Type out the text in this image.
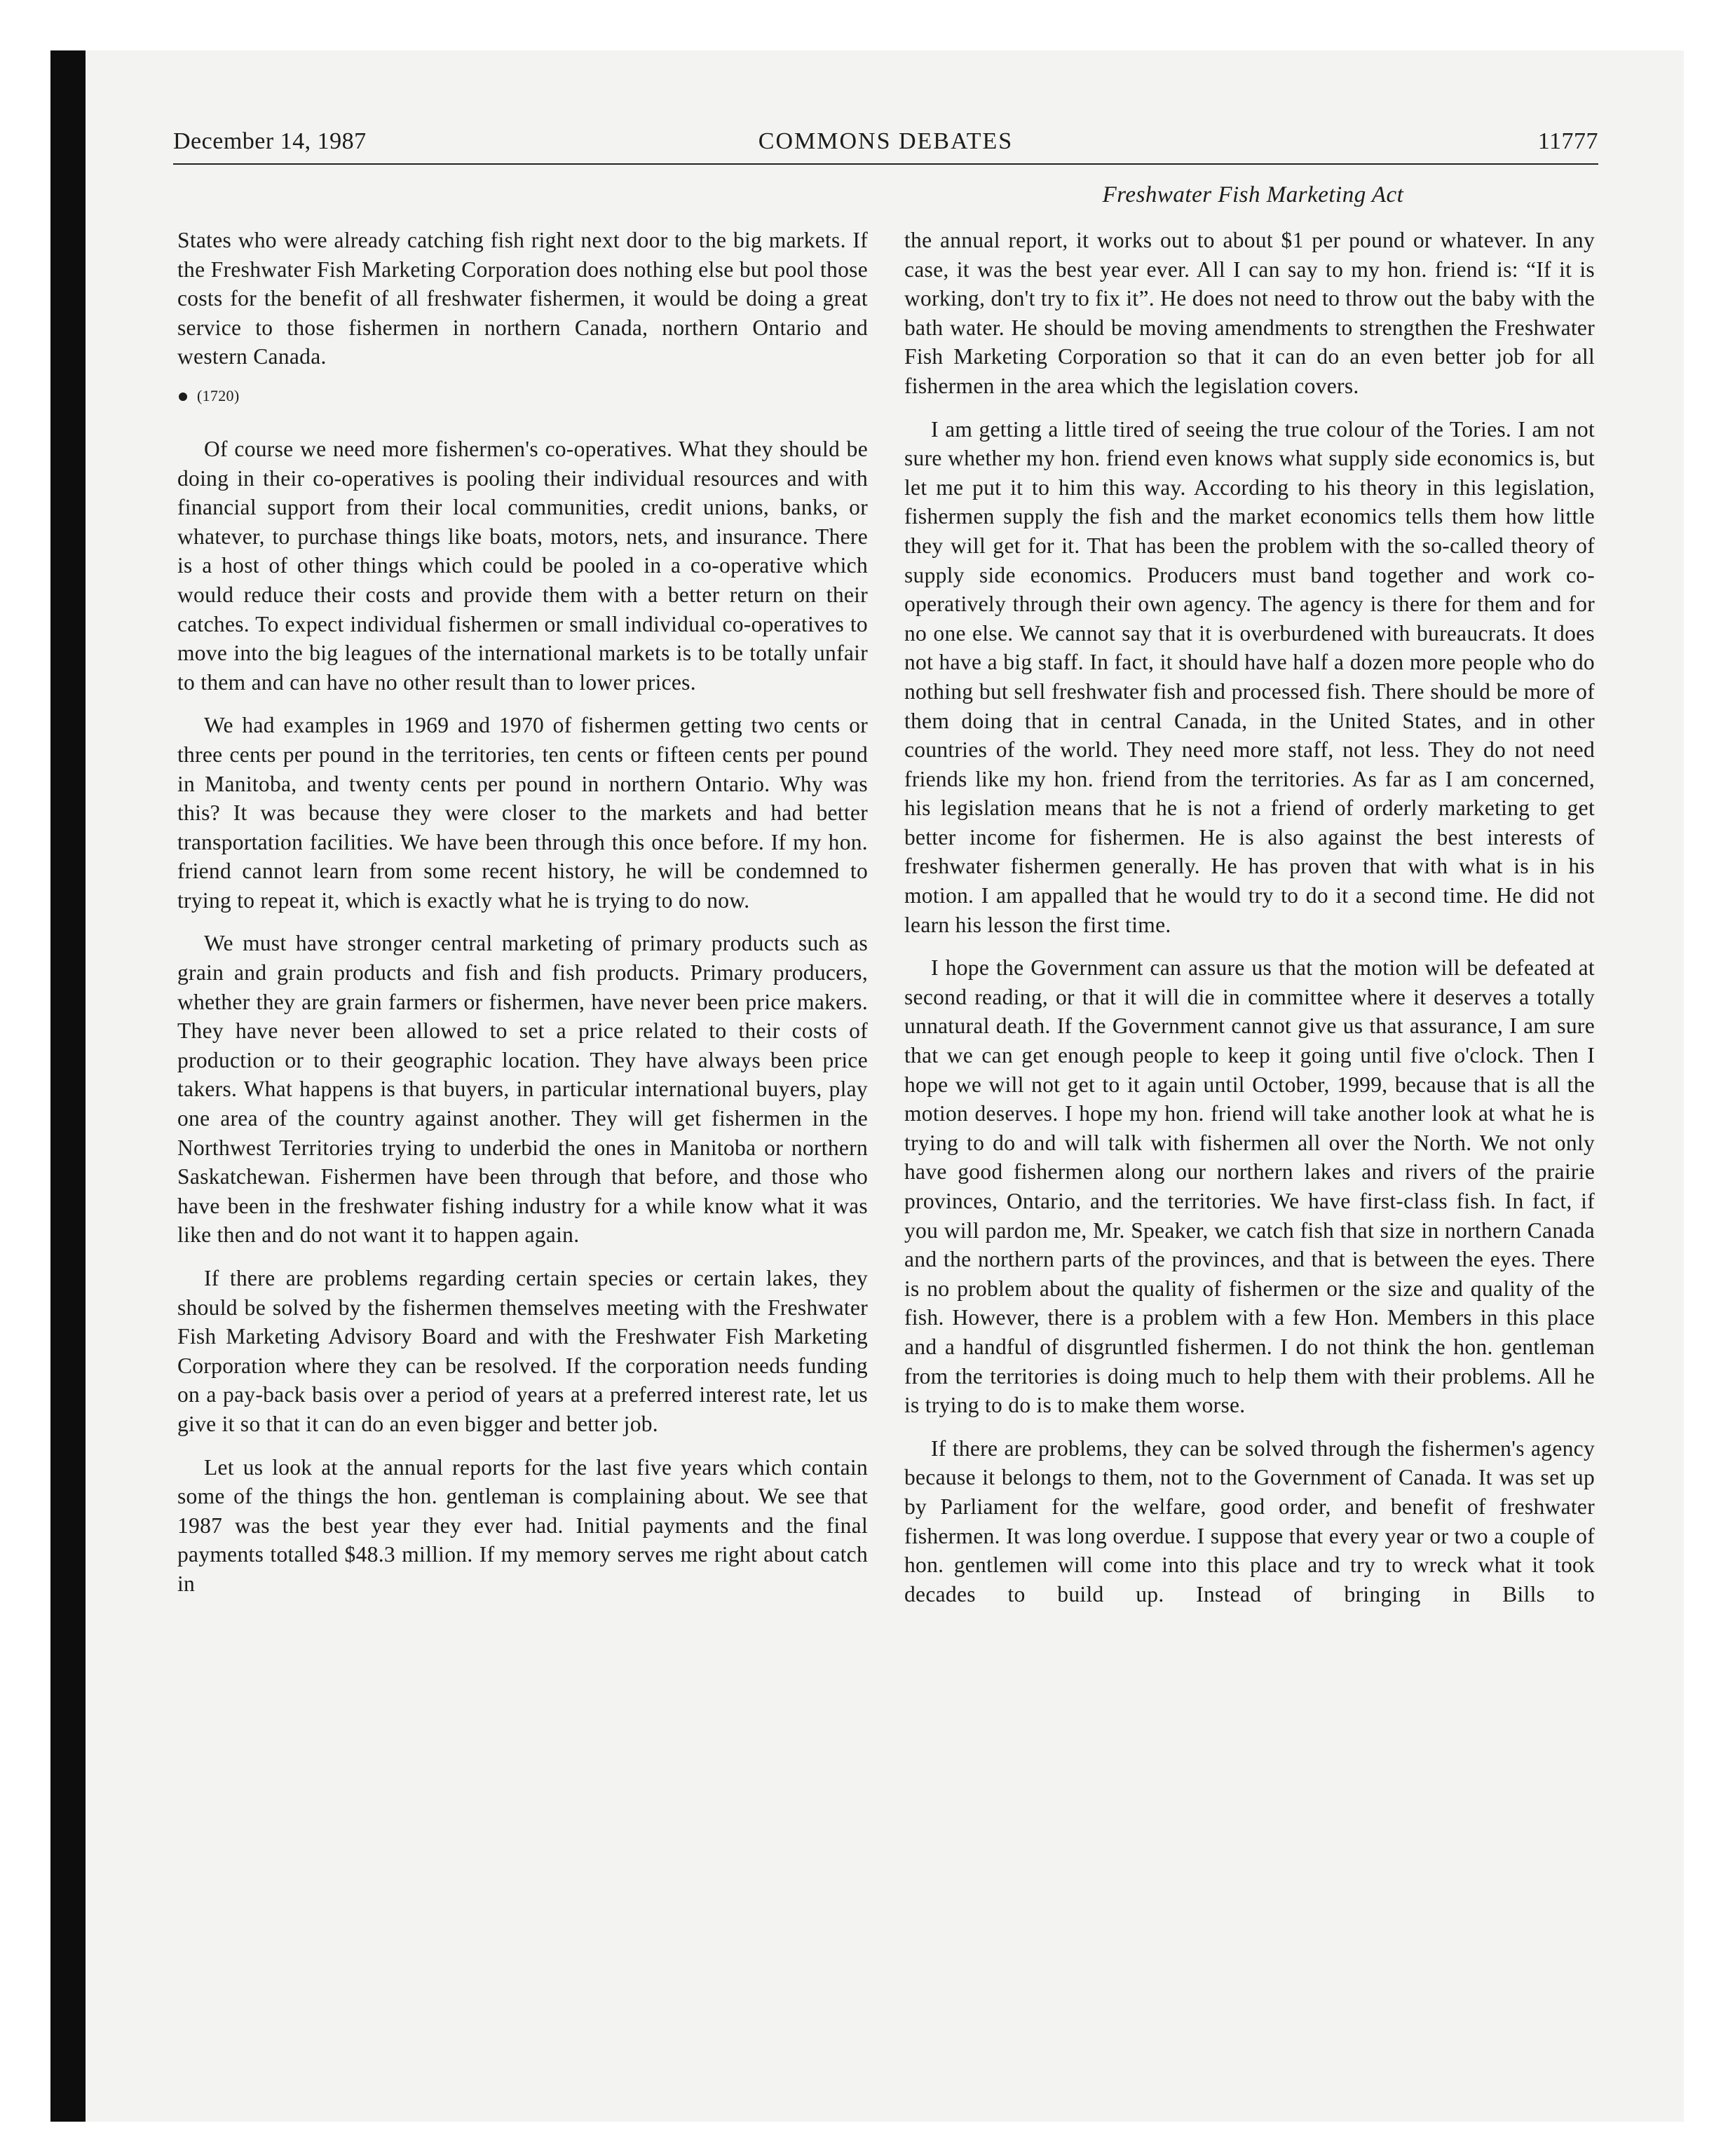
December 14, 1987	COMMONS DEBATES	11777
Freshwater Fish Marketing Act

States who were already catching fish right next door to the big markets. If the Freshwater Fish Marketing Corporation does nothing else but pool those costs for the benefit of all freshwater fishermen, it would be doing a great service to those fishermen in northern Canada, northern Ontario and western Canada.

(1720)

Of course we need more fishermen's co-operatives. What they should be doing in their co-operatives is pooling their individual resources and with financial support from their local communities, credit unions, banks, or whatever, to purchase things like boats, motors, nets, and insurance. There is a host of other things which could be pooled in a co-operative which would reduce their costs and provide them with a better return on their catches. To expect individual fishermen or small individual co-operatives to move into the big leagues of the international markets is to be totally unfair to them and can have no other result than to lower prices.

We had examples in 1969 and 1970 of fishermen getting two cents or three cents per pound in the territories, ten cents or fifteen cents per pound in Manitoba, and twenty cents per pound in northern Ontario. Why was this? It was because they were closer to the markets and had better transportation facilities. We have been through this once before. If my hon. friend cannot learn from some recent history, he will be condemned to trying to repeat it, which is exactly what he is trying to do now.

We must have stronger central marketing of primary products such as grain and grain products and fish and fish products. Primary producers, whether they are grain farmers or fishermen, have never been price makers. They have never been allowed to set a price related to their costs of production or to their geographic location. They have always been price takers. What happens is that buyers, in particular international buyers, play one area of the country against another. They will get fishermen in the Northwest Territories trying to underbid the ones in Manitoba or northern Saskatchewan. Fishermen have been through that before, and those who have been in the freshwater fishing industry for a while know what it was like then and do not want it to happen again.

If there are problems regarding certain species or certain lakes, they should be solved by the fishermen themselves meeting with the Freshwater Fish Marketing Advisory Board and with the Freshwater Fish Marketing Corporation where they can be resolved. If the corporation needs funding on a pay-back basis over a period of years at a preferred interest rate, let us give it so that it can do an even bigger and better job.

Let us look at the annual reports for the last five years which contain some of the things the hon. gentleman is complaining about. We see that 1987 was the best year they ever had. Initial payments and the final payments totalled $48.3 million. If my memory serves me right about catch in

the annual report, it works out to about $1 per pound or whatever. In any case, it was the best year ever. All I can say to my hon. friend is: “If it is working, don't try to fix it”. He does not need to throw out the baby with the bath water. He should be moving amendments to strengthen the Freshwater Fish Marketing Corporation so that it can do an even better job for all fishermen in the area which the legislation covers.

I am getting a little tired of seeing the true colour of the Tories. I am not sure whether my hon. friend even knows what supply side economics is, but let me put it to him this way. According to his theory in this legislation, fishermen supply the fish and the market economics tells them how little they will get for it. That has been the problem with the so-called theory of supply side economics. Producers must band together and work co-operatively through their own agency. The agency is there for them and for no one else. We cannot say that it is overburdened with bureaucrats. It does not have a big staff. In fact, it should have half a dozen more people who do nothing but sell freshwater fish and processed fish. There should be more of them doing that in central Canada, in the United States, and in other countries of the world. They need more staff, not less. They do not need friends like my hon. friend from the territories. As far as I am concerned, his legislation means that he is not a friend of orderly marketing to get better income for fishermen. He is also against the best interests of freshwater fishermen generally. He has proven that with what is in his motion. I am appalled that he would try to do it a second time. He did not learn his lesson the first time.

I hope the Government can assure us that the motion will be defeated at second reading, or that it will die in committee where it deserves a totally unnatural death. If the Government cannot give us that assurance, I am sure that we can get enough people to keep it going until five o'clock. Then I hope we will not get to it again until October, 1999, because that is all the motion deserves. I hope my hon. friend will take another look at what he is trying to do and will talk with fishermen all over the North. We not only have good fishermen along our northern lakes and rivers of the prairie provinces, Ontario, and the territories. We have first-class fish. In fact, if you will pardon me, Mr. Speaker, we catch fish that size in northern Canada and the northern parts of the provinces, and that is between the eyes. There is no problem about the quality of fishermen or the size and quality of the fish. However, there is a problem with a few Hon. Members in this place and a handful of disgruntled fishermen. I do not think the hon. gentleman from the territories is doing much to help them with their problems. All he is trying to do is to make them worse.

If there are problems, they can be solved through the fishermen's agency because it belongs to them, not to the Government of Canada. It was set up by Parliament for the welfare, good order, and benefit of freshwater fishermen. It was long overdue. I suppose that every year or two a couple of hon. gentlemen will come into this place and try to wreck what it took decades to build up. Instead of bringing in Bills to
